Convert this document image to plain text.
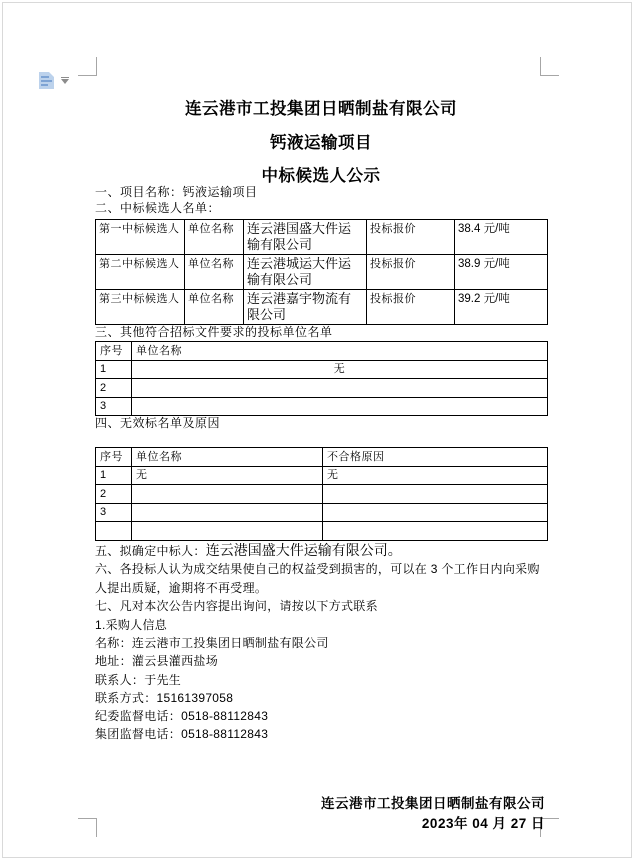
连云港市工投集团日晒制盐有限公司
钙液运输项目
中标候选人公示

一、项目名称：钙液运输项目

二、中标候选人名单：

第一中标候选人	单位名称	连云港国盛大件运输有限公司	投标报价	38.4 元/吨
第二中标候选人	单位名称	连云港城运大件运输有限公司	投标报价	38.9 元/吨
第三中标候选人	单位名称	连云港嘉宇物流有限公司	投标报价	39.2 元/吨

三、其他符合招标文件要求的投标单位名单

序号	单位名称
1	无
2	
3	

四、无效标名单及原因

序号	单位名称	不合格原因
1	无	无
2		
3		

五、拟确定中标人：连云港国盛大件运输有限公司。

六、各投标人认为成交结果使自己的权益受到损害的，可以在 3 个工作日内向采购人提出质疑，逾期将不再受理。

七、凡对本次公告内容提出询问，请按以下方式联系

1.采购人信息

名称：连云港市工投集团日晒制盐有限公司

地址：灌云县灌西盐场

联系人：于先生

联系方式：15161397058

纪委监督电话：0518-88112843

集团监督电话：0518-88112843

连云港市工投集团日晒制盐有限公司
2023年 04 月 27 日
